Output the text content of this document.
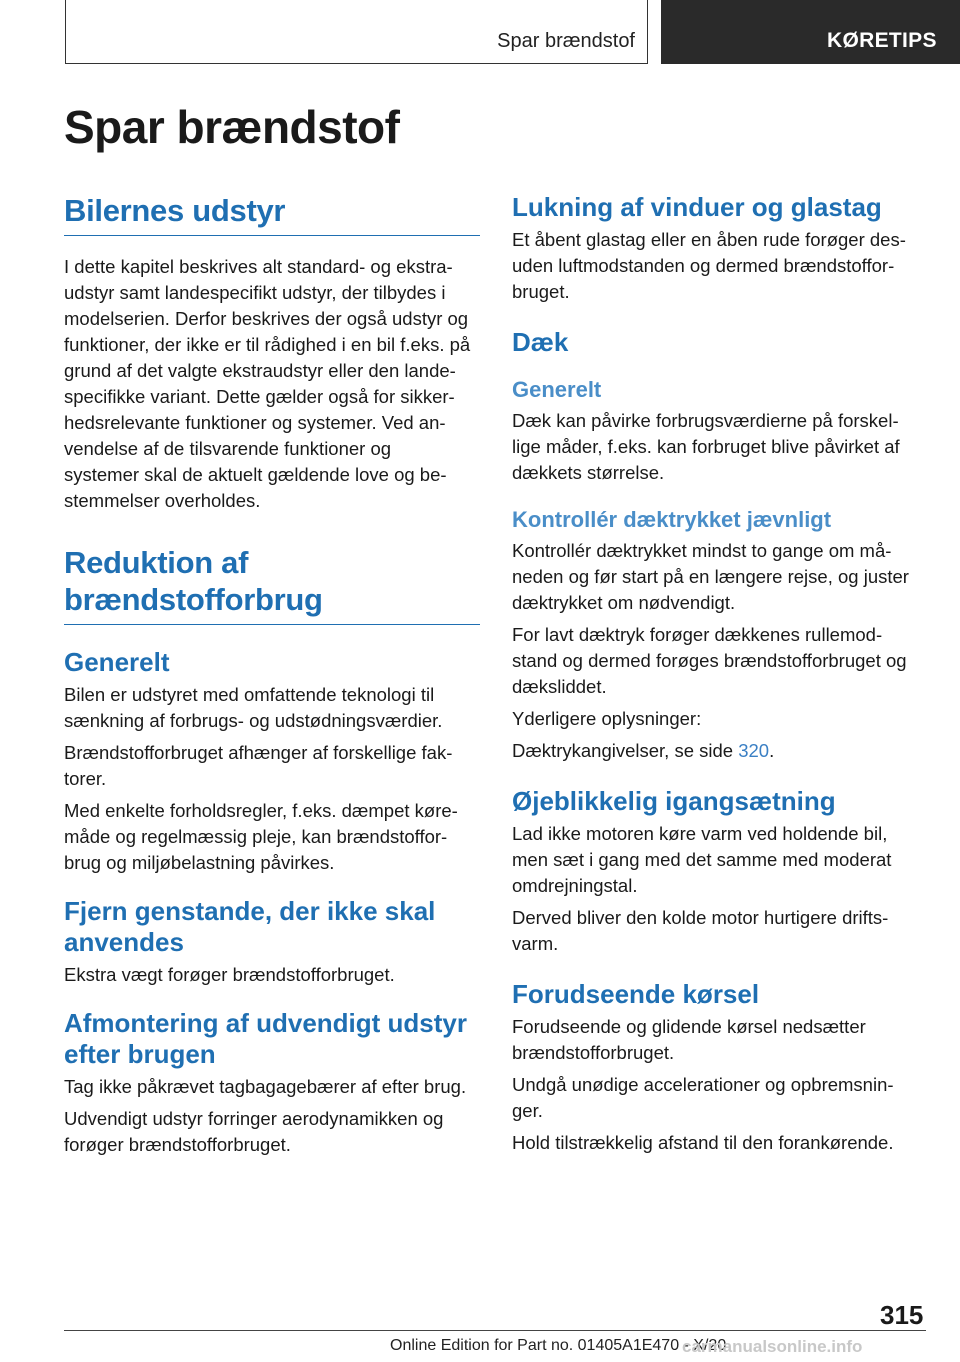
Spar brændstof	KØRETIPS
Spar brændstof
Bilernes udstyr

I dette kapitel beskrives alt standard- og ekstra-
udstyr samt landespecifikt udstyr, der tilbydes i
modelserien. Derfor beskrives der også udstyr og
funktioner, der ikke er til rådighed i en bil f.eks. på
grund af det valgte ekstraudstyr eller den lande-
specifikke variant. Dette gælder også for sikker-
hedsrelevante funktioner og systemer. Ved an-
vendelse af de tilsvarende funktioner og
systemer skal de aktuelt gældende love og be-
stemmelser overholdes.

Reduktion af
brændstofforbrug
Generelt

Bilen er udstyret med omfattende teknologi til
sænkning af forbrugs- og udstødningsværdier.

Brændstofforbruget afhænger af forskellige fak-
torer.

Med enkelte forholdsregler, f.eks. dæmpet køre-
måde og regelmæssig pleje, kan brændstoffor-
brug og miljøbelastning påvirkes.

Fjern genstande, der ikke skal
anvendes

Ekstra vægt forøger brændstofforbruget.

Afmontering af udvendigt udstyr
efter brugen

Tag ikke påkrævet tagbagagebærer af efter brug.

Udvendigt udstyr forringer aerodynamikken og
forøger brændstofforbruget.

Lukning af vinduer og glastag

Et åbent glastag eller en åben rude forøger des-
uden luftmodstanden og dermed brændstoffor-
bruget.

Dæk
Generelt

Dæk kan påvirke forbrugsværdierne på forskel-
lige måder, f.eks. kan forbruget blive påvirket af
dækkets størrelse.

Kontrollér dæktrykket jævnligt

Kontrollér dæktrykket mindst to gange om må-
neden og før start på en længere rejse, og juster
dæktrykket om nødvendigt.

For lavt dæktryk forøger dækkenes rullemod-
stand og dermed forøges brændstofforbruget og
dæksliddet.

Yderligere oplysninger:

Dæktrykangivelser, se side 320.

Øjeblikkelig igangsætning

Lad ikke motoren køre varm ved holdende bil,
men sæt i gang med det samme med moderat
omdrejningstal.

Derved bliver den kolde motor hurtigere drifts-
varm.

Forudseende kørsel

Forudseende og glidende kørsel nedsætter
brændstofforbruget.

Undgå unødige accelerationer og opbremsnin-
ger.

Hold tilstrækkelig afstand til den forankørende.

315
Online Edition for Part no. 01405A1E470 - X/20
carmanualsonline.info
